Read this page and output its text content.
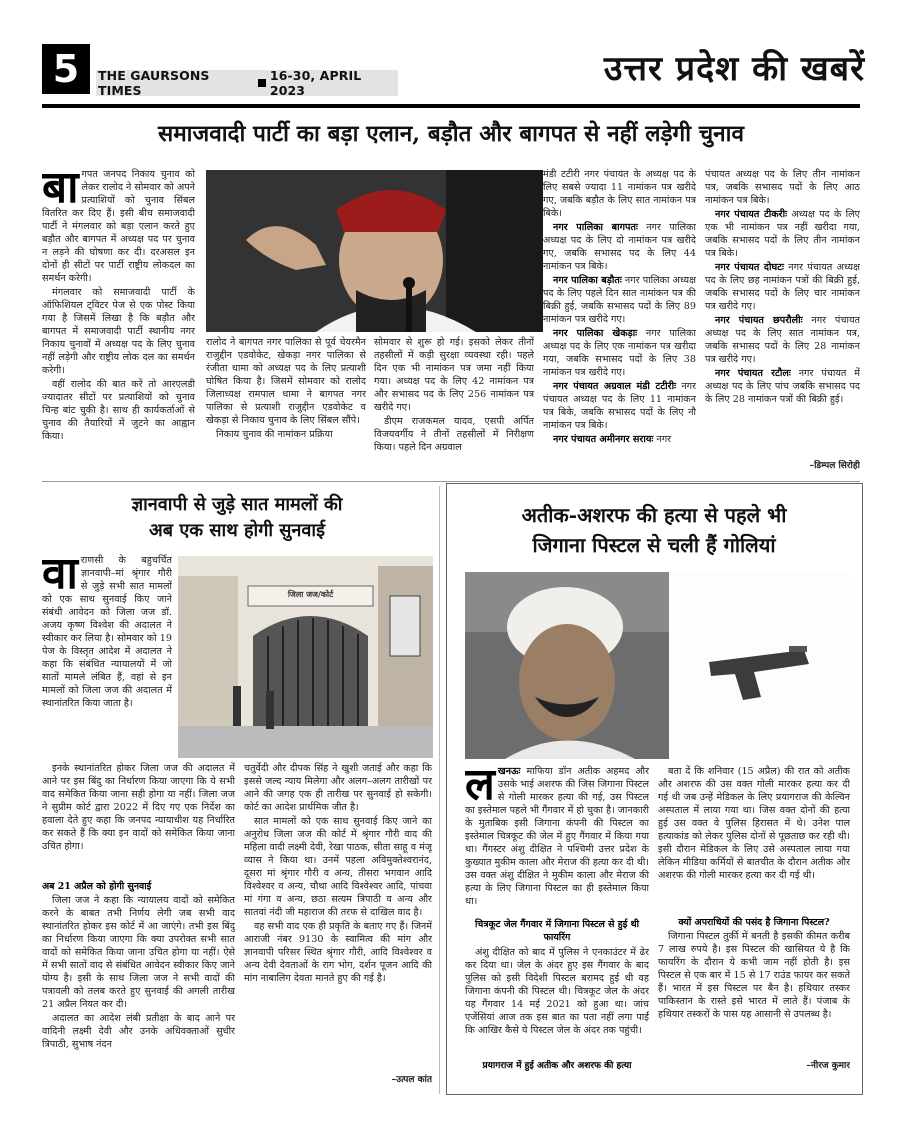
5	THE GAURSONS TIMES
16-30, APRIL 2023
उत्तर प्रदेश की खबरें
समाजवादी पार्टी का बड़ा एलान, बड़ौत और बागपत से नहीं लड़ेगी चुनाव
बा गपत जनपद निकाय चुनाव को लेकर रालोद ने सोमवार को अपने प्रत्याशियों को चुनाव सिंबल वितरित कर दिए हैं। इसी बीच समाजवादी पार्टी ने मंगलवार को बड़ा एलान करते हुए बड़ौत और बागपत में अध्यक्ष पद पर चुनाव न लड़ने की घोषणा कर दी। दरअसल इन दोनों ही सीटों पर पार्टी राष्ट्रीय लोकदल का समर्थन करेगी।

मंगलवार को समाजवादी पार्टी के ऑफिशियल ट्विटर पेज से एक पोस्ट किया गया है जिसमें लिखा है कि बड़ौत और बागपत में समाजवादी पार्टी स्थानीय नगर निकाय चुनावों में अध्यक्ष पद के लिए चुनाव नहीं लड़ेगी और राष्ट्रीय लोक दल का समर्थन करेगी।

वहीं रालोद की बात करें तो आरएलडी ज्यादातर सीटों पर प्रत्याशियों को चुनाव चिन्ह बांट चुकी है। साथ ही कार्यकर्ताओं से चुनाव की तैयारियों में जुटने का आह्वान किया।

रालोद ने बागपत नगर पालिका से पूर्व चेयरमैन राजुद्दीन एडवोकेट, खेकड़ा नगर पालिका से रंजीता धामा को अध्यक्ष पद के लिए प्रत्याशी घोषित किया है। जिसमें सोमवार को रालोद जिलाध्यक्ष रामपाल धामा ने बागपत नगर पालिका से प्रत्याशी राजुद्दीन एडवोकेट व खेकड़ा से निकाय चुनाव के लिए सिंबल सौंपे।

निकाय चुनाव की नामांकन प्रक्रिया

सोमवार से शुरू हो गई। इसको लेकर तीनों तहसीलों में कड़ी सुरक्षा व्यवस्था रही। पहले दिन एक भी नामांकन पत्र जमा नहीं किया गया। अध्यक्ष पद के लिए 42 नामांकन पत्र और सभासद पद के लिए 256 नामांकन पत्र खरीदे गए।

डीएम राजकमल यादव, एसपी अर्पित विजयवर्गीय ने तीनों तहसीलों में निरीक्षण किया। पहले दिन अग्रवाल

मंडी टटीरी नगर पंचायत के अध्यक्ष पद के लिए सबसे ज्यादा 11 नामांकन पत्र खरीदे गए, जबकि बड़ौत के लिए सात नामांकन पत्र बिके।

नगर पालिका बागपतः नगर पालिका अध्यक्ष पद के लिए दो नामांकन पत्र खरीदे गए, जबकि सभासद पद के लिए 44 नामांकन पत्र बिके।

नगर पालिका बड़ौतः नगर पालिका अध्यक्ष पद के लिए पहले दिन सात नामांकन पत्र की बिक्री हुई, जबकि सभासद पदों के लिए 89 नामांकन पत्र खरीदे गए।

नगर पालिका खेकड़ाः नगर पालिका अध्यक्ष पद के लिए एक नामांकन पत्र खरीदा गया, जबकि सभासद पदों के लिए 38 नामांकन पत्र खरीदे गए।

नगर पंचायत अग्रवाल मंडी टटीरीः नगर पंचायत अध्यक्ष पद के लिए 11 नामांकन पत्र बिके, जबकि सभासद पदों के लिए नौ नामांकन पत्र बिके।

नगर पंचायत अमीनगर सरायः नगर

पंचायत अध्यक्ष पद के लिए तीन नामांकन पत्र, जबकि सभासद पदों के लिए आठ नामांकन पत्र बिके।

नगर पंचायत टीकरीः अध्यक्ष पद के लिए एक भी नामांकन पत्र नहीं खरीदा गया, जबकि सभासद पदों के लिए तीन नामांकन पत्र बिके।

नगर पंचायत दोघटः नगर पंचायत अध्यक्ष पद के लिए छह नामांकन पत्रों की बिक्री हुई, जबकि सभासद पदों के लिए चार नामांकन पत्र खरीदे गए।

नगर पंचायत छपरौलीः नगर पंचायत अध्यक्ष पद के लिए सात नामांकन पत्र, जबकि सभासद पदों के लिए 28 नामांकन पत्र खरीदे गए।

नगर पंचायत रटौलः नगर पंचायत में अध्यक्ष पद के लिए पांच जबकि सभासद पद के लिए 28 नामांकन पत्रों की बिक्री हुई।

–डिम्पल सिरोही
ज्ञानवापी से जुड़े सात मामलों की
अब एक साथ होगी सुनवाई
वा राणसी के बहुचर्चित ज्ञानवापी–मां श्रृंगार गौरी से जुड़े सभी सात मामलों को एक साथ सुनवाई किए जाने संबंधी आवेदन को जिला जज डॉ. अजय कृष्ण विश्वेश की अदालत ने स्वीकार कर लिया है। सोमवार को 19 पेज के विस्तृत आदेश में अदालत ने कहा कि संबंधित न्यायालयों में जो सातों मामले लंबित हैं, वहां से इन मामलों को जिला जज की अदालत में स्थानांतरित किया जाता है।

जिला जज/कोर्ट

इनके स्थानांतरित होकर जिला जज की अदालत में आने पर इस बिंदु का निर्धारण किया जाएगा कि ये सभी वाद समेकित किया जाना सही होगा या नहीं। जिला जज ने सुप्रीम कोर्ट द्वारा 2022 में दिए गए एक निर्देश का हवाला देते हुए कहा कि जनपद न्यायाधीश यह निर्धारित कर सकते हैं कि क्या इन वादों को समेकित किया जाना उचित होगा।

अब 21 अप्रैल को होगी सुनवाई

जिला जज ने कहा कि न्यायालय वादों को समेकित करने के बाबत तभी निर्णय लेगी जब सभी वाद स्थानांतरित होकर इस कोर्ट में आ जाएंगे। तभी इस बिंदु का निर्धारण किया जाएगा कि क्या उपरोक्त सभी सात वादों को समेकित किया जाना उचित होगा या नहीं। ऐसे में सभी सातों वाद से संबंधित आवेदन स्वीकार किए जाने योग्य है। इसी के साथ जिला जज ने सभी वादों की पत्रावली को तलब करते हुए सुनवाई की अगली तारीख 21 अप्रैल नियत कर दी।

अदालत का आदेश लंबी प्रतीक्षा के बाद आने पर वादिनी लक्ष्मी देवी और उनके अधिवक्ताओं सुधीर त्रिपाठी, सुभाष नंदन

चतुर्वेदी और दीपक सिंह ने खुशी जताई और कहा कि इससे जल्द न्याय मिलेगा और अलग–अलग तारीखों पर आने की जगह एक ही तारीख पर सुनवाई हो सकेगी। कोर्ट का आदेश प्रार्थमिक जीत है।

सात मामलों को एक साथ सुनवाई किए जाने का अनुरोध जिला जज की कोर्ट में श्रृंगार गौरी वाद की महिला वादी लक्ष्मी देवी, रेखा पाठक, सीता साहू व मंजू व्यास ने किया था। उनमें पहला अविमुक्तेश्वरानंद, दूसरा मां श्रृंगार गौरी व अन्य, तीसरा भगवान आदि विश्वेश्वर व अन्य, चौथा आदि विश्वेश्वर आदि, पांचवा मां गंगा व अन्य, छठा सत्यम त्रिपाठी व अन्य और सातवां नंदी जी महाराज की तरफ से दाखिल वाद है।

वह सभी वाद एक ही प्रकृति के बताए गए हैं। जिनमें आराजी नंबर 9130 के स्वामित्व की मांग और ज्ञानवापी परिसर स्थित श्रृंगार गौरी, आदि विश्वेश्वर व अन्य देवी देवताओं के राग भोग, दर्शन पूजन आदि की मांग नाबालिग देवता मानते हुए की गई है।

–उत्पल कांत
अतीक-अशरफ की हत्या से पहले भी
जिगाना पिस्टल से चली हैं गोलियां
ल खनऊः माफिया डॉन अतीक अहमद और उसके भाई अशरफ की जिस जिगाना पिस्टल से गोली मारकर हत्या की गई, उस पिस्टल का इस्तेमाल पहले भी गैंगवार में हो चुका है। जानकारी के मुताबिक इसी जिगाना कंपनी की पिस्टल का इस्तेमाल चित्रकूट की जेल में हुए गैंगवार में किया गया था। गैंगस्टर अंशु दीक्षित ने पश्चिमी उत्तर प्रदेश के कुख्यात मुकीम काला और मेराज की हत्या कर दी थी। उस वक्त अंशु दीक्षित ने मुकीम काला और मेराज की हत्या के लिए जिगाना पिस्टल का ही इस्तेमाल किया था।

चित्रकूट जेल गैंगवार में जिगाना पिस्टल से हुई थी फायरिंग

अंशु दीक्षित को बाद में पुलिस ने एनकाउंटर में ढेर कर दिया था। जेल के अंदर हुए इस गैंगवार के बाद पुलिस को इसी विदेशी पिस्टल बरामद हुई थी वह जिगाना कंपनी की पिस्टल थी। चित्रकूट जेल के अंदर यह गैंगवार 14 मई 2021 को हुआ था। जांच एजेंसियां आज तक इस बात का पता नहीं लगा पाईं कि आखिर कैसे ये पिस्टल जेल के अंदर तक पहुंची।

प्रयागराज में हुई अतीक और अशरफ की हत्या

बता दें कि शनिवार (15 अप्रैल) की रात को अतीक और अशरफ की उस वक्त गोली मारकर हत्या कर दी गई थी जब उन्हें मेडिकल के लिए प्रयागराज की केल्विन अस्पताल में लाया गया था। जिस वक्त दोनों की हत्या हुई उस वक्त वे पुलिस हिरासत में थे। उनेश पाल हत्याकांड को लेकर पुलिस दोनों से पूछताछ कर रही थी। इसी दौरान मेडिकल के लिए उसे अस्पताल लाया गया लेकिन मीडिया कर्मियों से बातचीत के दौरान अतीक और अशरफ की गोली मारकर हत्या कर दी गई थी।

क्यों अपराधियों की पसंद है जिगाना पिस्टल?

जिगाना पिस्टल तुर्की में बनती है इसकी कीमत करीब 7 लाख रुपये है। इस पिस्टल की खासियत ये है कि फायरिंग के दौरान ये कभी जाम नहीं होती है। इस पिस्टल से एक बार में 15 से 17 राउंड फायर कर सकते हैं। भारत में इस पिस्टल पर बैन है। हथियार तस्कर पाकिस्तान के रास्ते इसे भारत में लाते हैं। पंजाब के हथियार तस्करों के पास यह आसानी से उपलब्ध है।

–नीरज कुमार
